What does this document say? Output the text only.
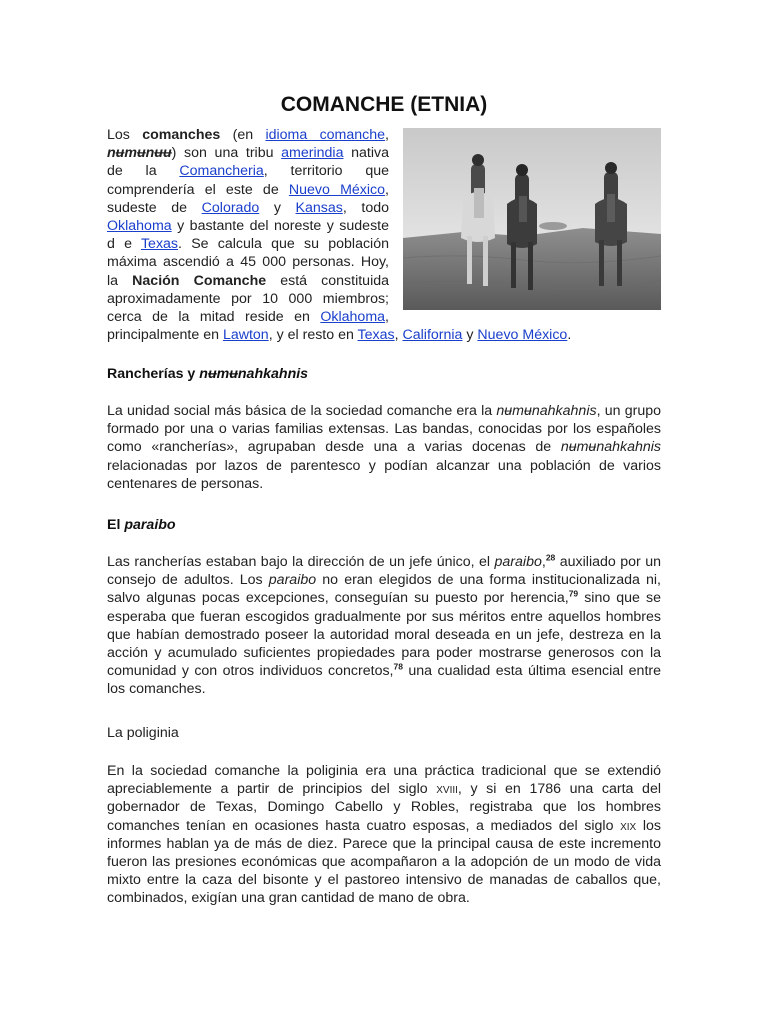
COMANCHE (ETNIA)

Los comanches (en idioma comanche, nʉmʉnʉʉ) son una tribu amerindia nativa de la Comancheria, territorio que comprendería el este de Nuevo México, sudeste de Colorado y Kansas, todo Oklahoma y bastante del noreste y sudeste d e Texas. Se calcula que su población máxima ascendió a 45 000 personas. Hoy, la Nación Comanche está constituida aproximadamente por 10 000 miembros; cerca de la mitad reside en Oklahoma, principalmente en Lawton, y el resto en Texas, California y Nuevo México.

Rancherías y nʉmʉnahkahnis

La unidad social más básica de la sociedad comanche era la nʉmʉnahkahnis, un grupo formado por una o varias familias extensas. Las bandas, conocidas por los españoles como «rancherías», agrupaban desde una a varias docenas de nʉmʉnahkahnis relacionadas por lazos de parentesco y podían alcanzar una población de varios centenares de personas.

El paraibo

Las rancherías estaban bajo la dirección de un jefe único, el paraibo,$^{28}$ auxiliado por un consejo de adultos. Los paraibo no eran elegidos de una forma institucionalizada ni, salvo algunas pocas excepciones, conseguían su puesto por herencia,$^{79}$ sino que se esperaba que fueran escogidos gradualmente por sus méritos entre aquellos hombres que habían demostrado poseer la autoridad moral deseada en un jefe, destreza en la acción y acumulado suficientes propiedades para poder mostrarse generosos con la comunidad y con otros individuos concretos,$^{78}$ una cualidad esta última esencial entre los comanches.

La poliginia

En la sociedad comanche la poliginia era una práctica tradicional que se extendió apreciablemente a partir de principios del siglo xviii, y si en 1786 una carta del gobernador de Texas, Domingo Cabello y Robles, registraba que los hombres comanches tenían en ocasiones hasta cuatro esposas, a mediados del siglo xix los informes hablan ya de más de diez. Parece que la principal causa de este incremento fueron las presiones económicas que acompañaron a la adopción de un modo de vida mixto entre la caza del bisonte y el pastoreo intensivo de manadas de caballos que, combinados, exigían una gran cantidad de mano de obra.
